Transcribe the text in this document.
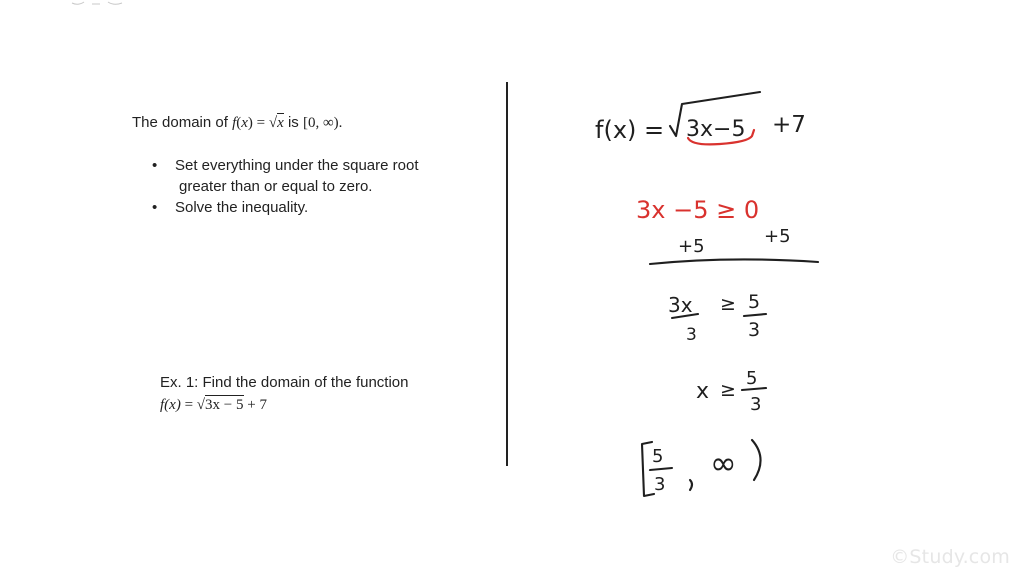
The domain of f(x) = √x is [0, ∞).
• Set everything under the square root
greater than or equal to zero.
• Solve the inequality.
Ex. 1: Find the domain of the function
f(x) = √3x − 5 + 7
f(x) = 3x−5 +7
3x −5 ≥ 0
+5	+5
3x
3
≥ 5
3
x ≥
5
3
5
3
∞
©Study.com
